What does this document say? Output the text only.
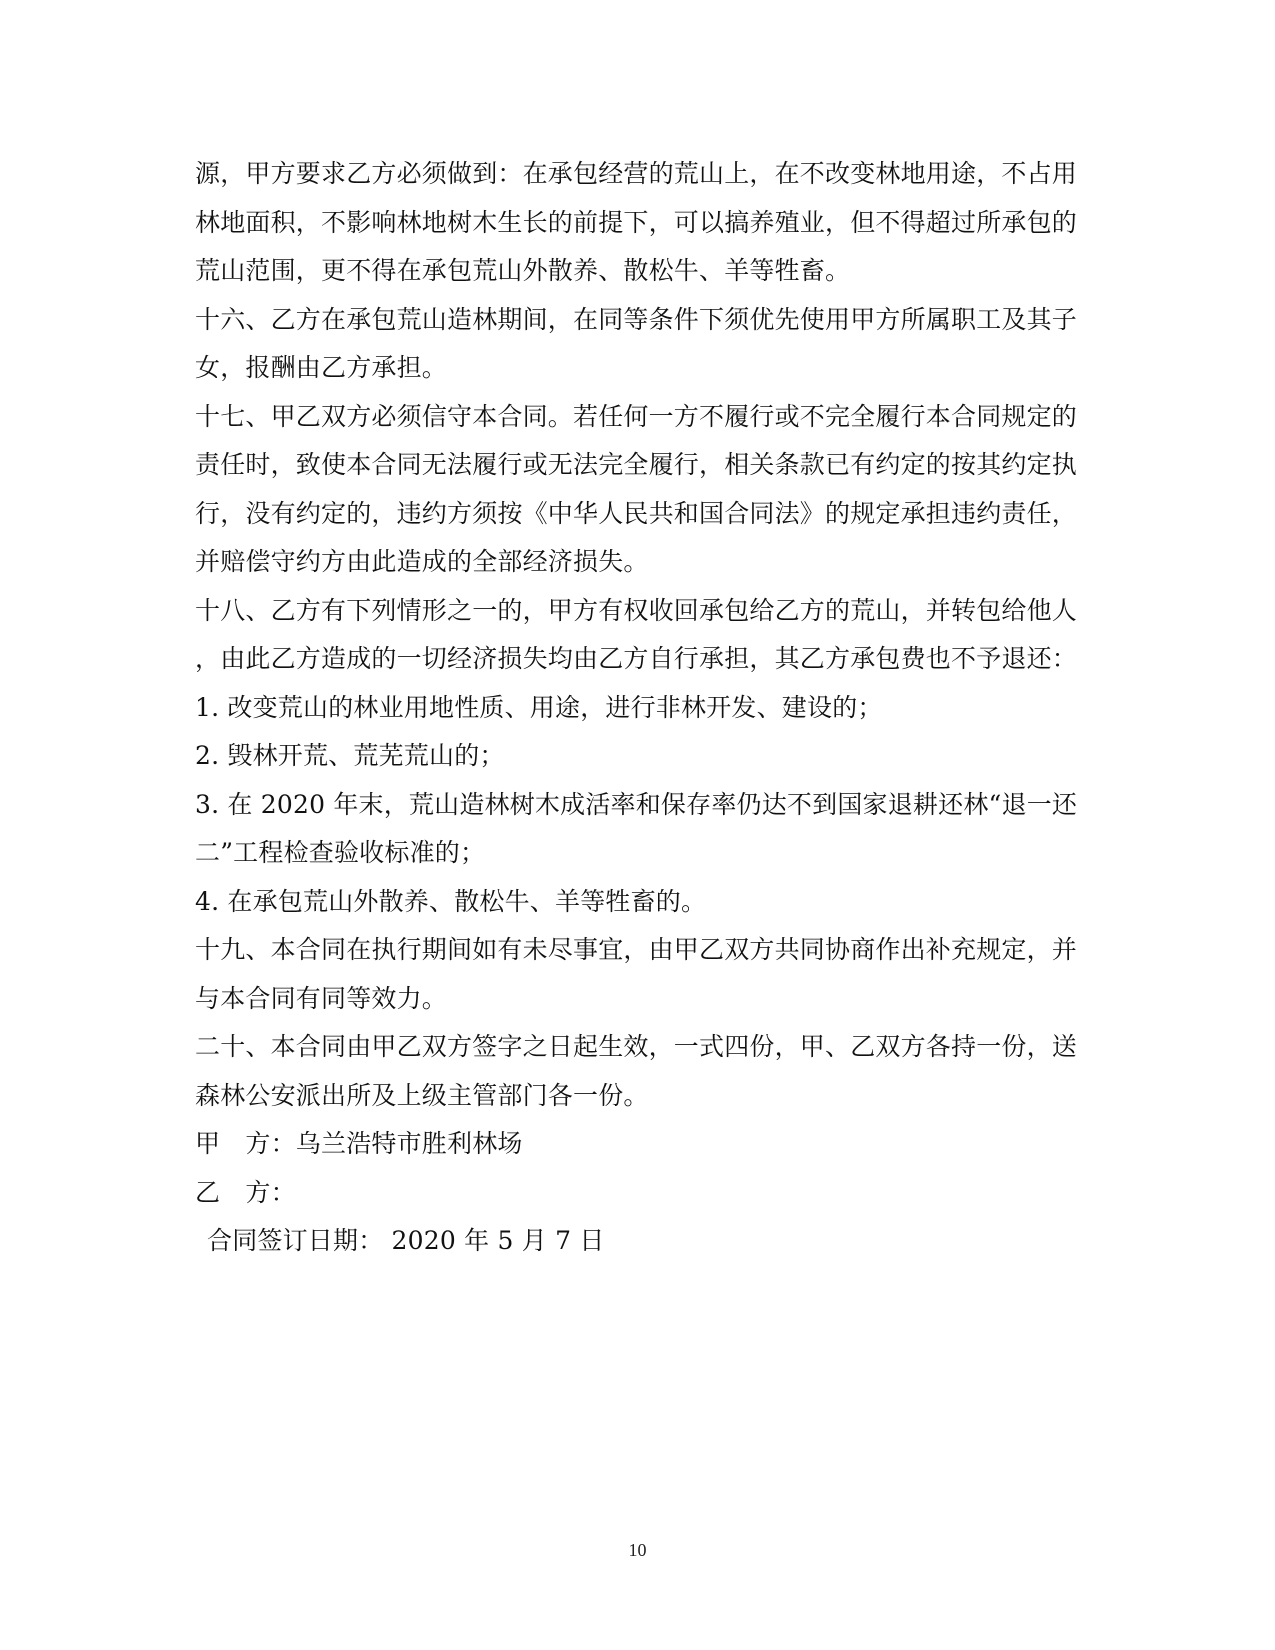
源，甲方要求乙方必须做到：在承包经营的荒山上，在不改变林地用途，不占用
林地面积，不影响林地树木生长的前提下，可以搞养殖业，但不得超过所承包的
荒山范围，更不得在承包荒山外散养、散松牛、羊等牲畜。
十六、乙方在承包荒山造林期间，在同等条件下须优先使用甲方所属职工及其子
女，报酬由乙方承担。
十七、甲乙双方必须信守本合同。若任何一方不履行或不完全履行本合同规定的
责任时，致使本合同无法履行或无法完全履行，相关条款已有约定的按其约定执
行，没有约定的，违约方须按《中华人民共和国合同法》的规定承担违约责任，
并赔偿守约方由此造成的全部经济损失。
十八、乙方有下列情形之一的，甲方有权收回承包给乙方的荒山，并转包给他人
，由此乙方造成的一切经济损失均由乙方自行承担，其乙方承包费也不予退还：
1. 改变荒山的林业用地性质、用途，进行非林开发、建设的；
2. 毁林开荒、荒芜荒山的；
3. 在 2020 年末，荒山造林树木成活率和保存率仍达不到国家退耕还林“退一还
二”工程检查验收标准的；
4. 在承包荒山外散养、散松牛、羊等牲畜的。
十九、本合同在执行期间如有未尽事宜，由甲乙双方共同协商作出补充规定，并
与本合同有同等效力。
二十、本合同由甲乙双方签字之日起生效，一式四份，甲、乙双方各持一份，送
森林公安派出所及上级主管部门各一份。
甲　方：乌兰浩特市胜利林场
乙　方：
合同签订日期： 2020 年 5 月 7 日
10
